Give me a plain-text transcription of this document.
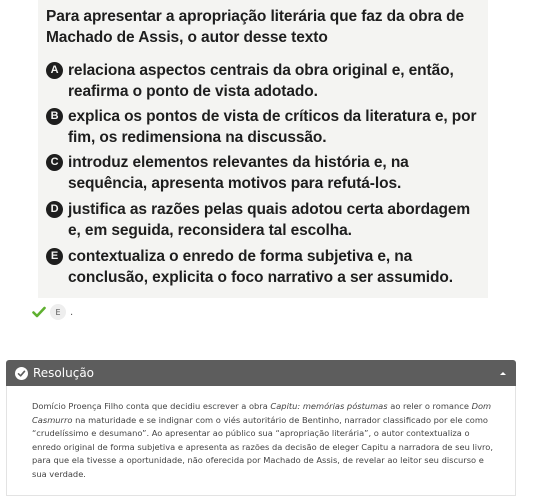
Para apresentar a apropriação literária que faz da obra de Machado de Assis, o autor desse texto
A relaciona aspectos centrais da obra original e, então, reafirma o ponto de vista adotado.
B explica os pontos de vista de críticos da literatura e, por fim, os redimensiona na discussão.
C introduz elementos relevantes da história e, na sequência, apresenta motivos para refutá-los.
D justifica as razões pelas quais adotou certa abordagem e, em seguida, reconsidera tal escolha.
E contextualiza o enredo de forma subjetiva e, na conclusão, explicita o foco narrativo a ser assumido.
E .
Resolução
Domício Proença Filho conta que decidiu escrever a obra Capitu: memórias póstumas ao reler o romance Dom Casmurro na maturidade e se indignar com o viés autoritário de Bentinho, narrador classificado por ele como “crudelíssimo e desumano”. Ao apresentar ao público sua “apropriação literária”, o autor contextualiza o enredo original de forma subjetiva e apresenta as razões da decisão de eleger Capitu a narradora de seu livro, para que ela tivesse a oportunidade, não oferecida por Machado de Assis, de revelar ao leitor seu discurso e sua verdade.
